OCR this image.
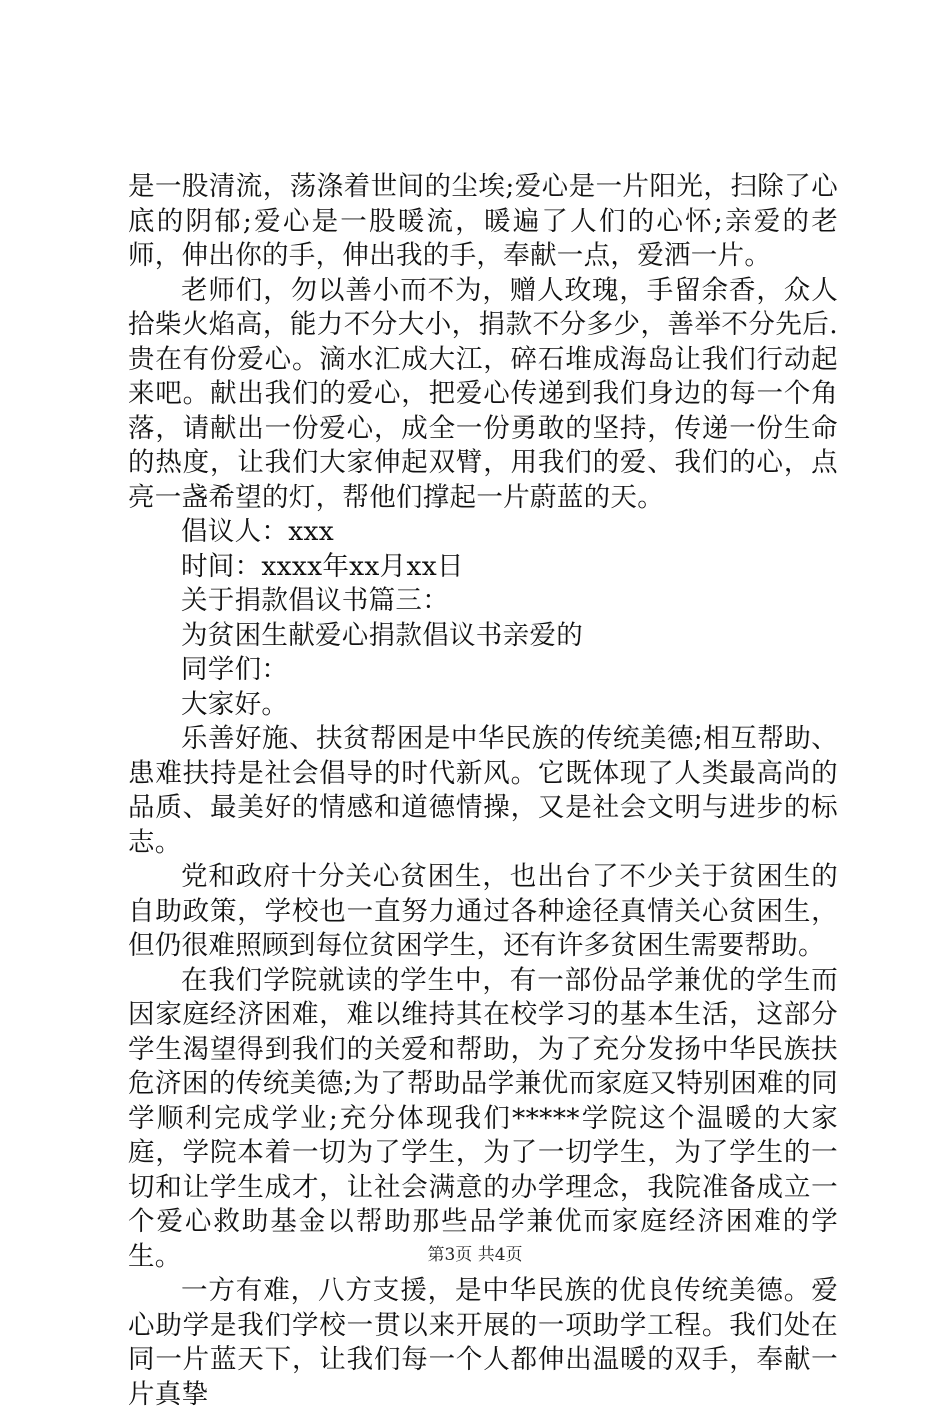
是一股清流，荡涤着世间的尘埃;爱心是一片阳光，扫除了心底的阴郁;爱心是一股暖流，暖遍了人们的心怀;亲爱的老师，伸出你的手，伸出我的手，奉献一点，爱洒一片。

老师们，勿以善小而不为，赠人玫瑰，手留余香，众人拾柴火焰高，能力不分大小，捐款不分多少，善举不分先后.贵在有份爱心。滴水汇成大江，碎石堆成海岛让我们行动起来吧。献出我们的爱心，把爱心传递到我们身边的每一个角落，请献出一份爱心，成全一份勇敢的坚持，传递一份生命的热度，让我们大家伸起双臂，用我们的爱、我们的心，点亮一盏希望的灯，帮他们撑起一片蔚蓝的天。

倡议人：xxx

时间：xxxx年xx月xx日

关于捐款倡议书篇三：

为贫困生献爱心捐款倡议书亲爱的

同学们：

大家好。

乐善好施、扶贫帮困是中华民族的传统美德;相互帮助、患难扶持是社会倡导的时代新风。它既体现了人类最高尚的品质、最美好的情感和道德情操，又是社会文明与进步的标志。

党和政府十分关心贫困生，也出台了不少关于贫困生的自助政策，学校也一直努力通过各种途径真情关心贫困生，但仍很难照顾到每位贫困学生，还有许多贫困生需要帮助。

在我们学院就读的学生中，有一部份品学兼优的学生而因家庭经济困难，难以维持其在校学习的基本生活，这部分学生渴望得到我们的关爱和帮助，为了充分发扬中华民族扶危济困的传统美德;为了帮助品学兼优而家庭又特别困难的同学顺利完成学业;充分体现我们*****学院这个温暖的大家庭，学院本着一切为了学生，为了一切学生，为了学生的一切和让学生成才，让社会满意的办学理念，我院准备成立一个爱心救助基金以帮助那些品学兼优而家庭经济困难的学生。

一方有难，八方支援，是中华民族的优良传统美德。爱心助学是我们学校一贯以来开展的一项助学工程。我们处在同一片蓝天下，让我们每一个人都伸出温暖的双手，奉献一片真挚

第3页 共4页
